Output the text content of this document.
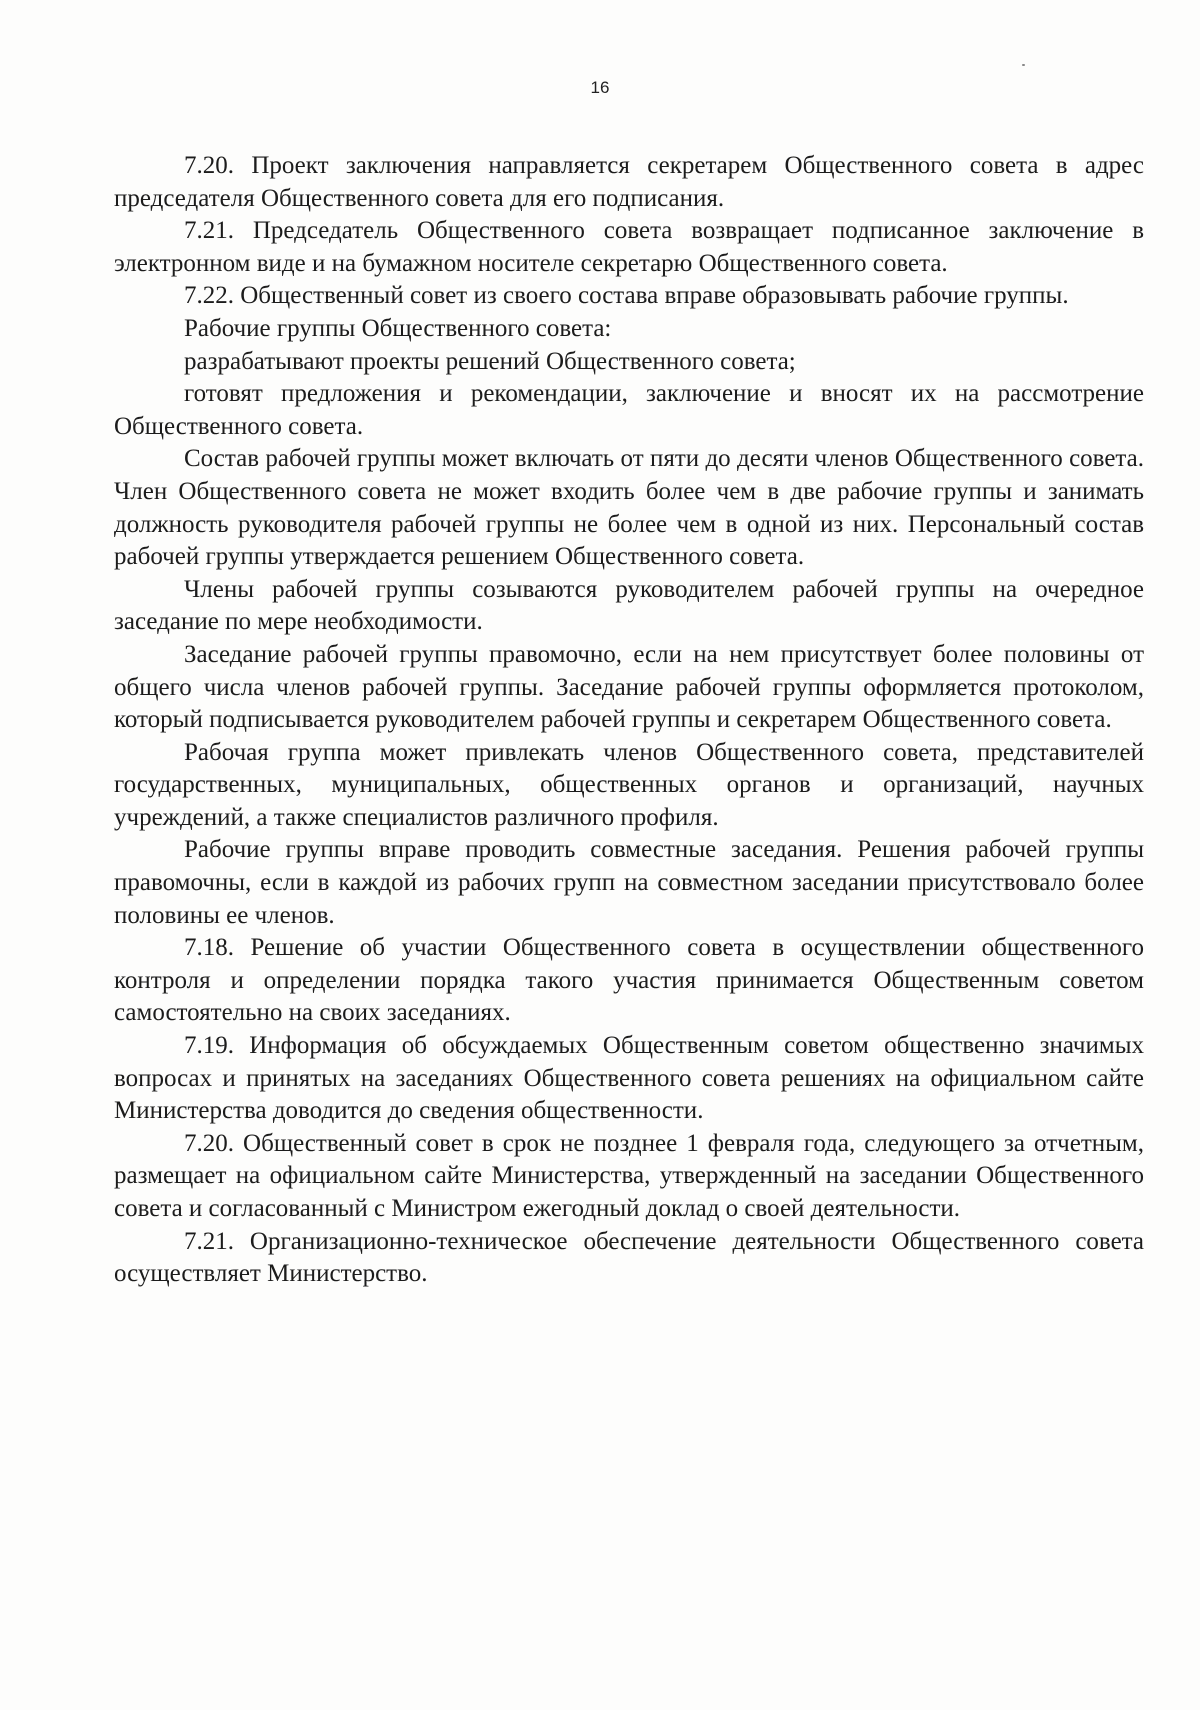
16

7.20. Проект заключения направляется секретарем Общественного совета в адрес председателя Общественного совета для его подписания.

7.21. Председатель Общественного совета возвращает подписанное заключение в электронном виде и на бумажном носителе секретарю Общественного совета.

7.22. Общественный совет из своего состава вправе образовывать рабочие группы.

Рабочие группы Общественного совета:

разрабатывают проекты решений Общественного совета;

готовят предложения и рекомендации, заключение и вносят их на рассмотрение Общественного совета.

Состав рабочей группы может включать от пяти до десяти членов Общественного совета. Член Общественного совета не может входить более чем в две рабочие группы и занимать должность руководителя рабочей группы не более чем в одной из них. Персональный состав рабочей группы утверждается решением Общественного совета.

Члены рабочей группы созываются руководителем рабочей группы на очередное заседание по мере необходимости.

Заседание рабочей группы правомочно, если на нем присутствует более половины от общего числа членов рабочей группы. Заседание рабочей группы оформляется протоколом, который подписывается руководителем рабочей группы и секретарем Общественного совета.

Рабочая группа может привлекать членов Общественного совета, представителей государственных, муниципальных, общественных органов и организаций, научных учреждений, а также специалистов различного профиля.

Рабочие группы вправе проводить совместные заседания. Решения рабочей группы правомочны, если в каждой из рабочих групп на совместном заседании присутствовало более половины ее членов.

7.18. Решение об участии Общественного совета в осуществлении общественного контроля и определении порядка такого участия принимается Общественным советом самостоятельно на своих заседаниях.

7.19. Информация об обсуждаемых Общественным советом общественно значимых вопросах и принятых на заседаниях Общественного совета решениях на официальном сайте Министерства доводится до сведения общественности.

7.20. Общественный совет в срок не позднее 1 февраля года, следующего за отчетным, размещает на официальном сайте Министерства, утвержденный на заседании Общественного совета и согласованный с Министром ежегодный доклад о своей деятельности.

7.21. Организационно-техническое обеспечение деятельности Общественного совета осуществляет Министерство.
